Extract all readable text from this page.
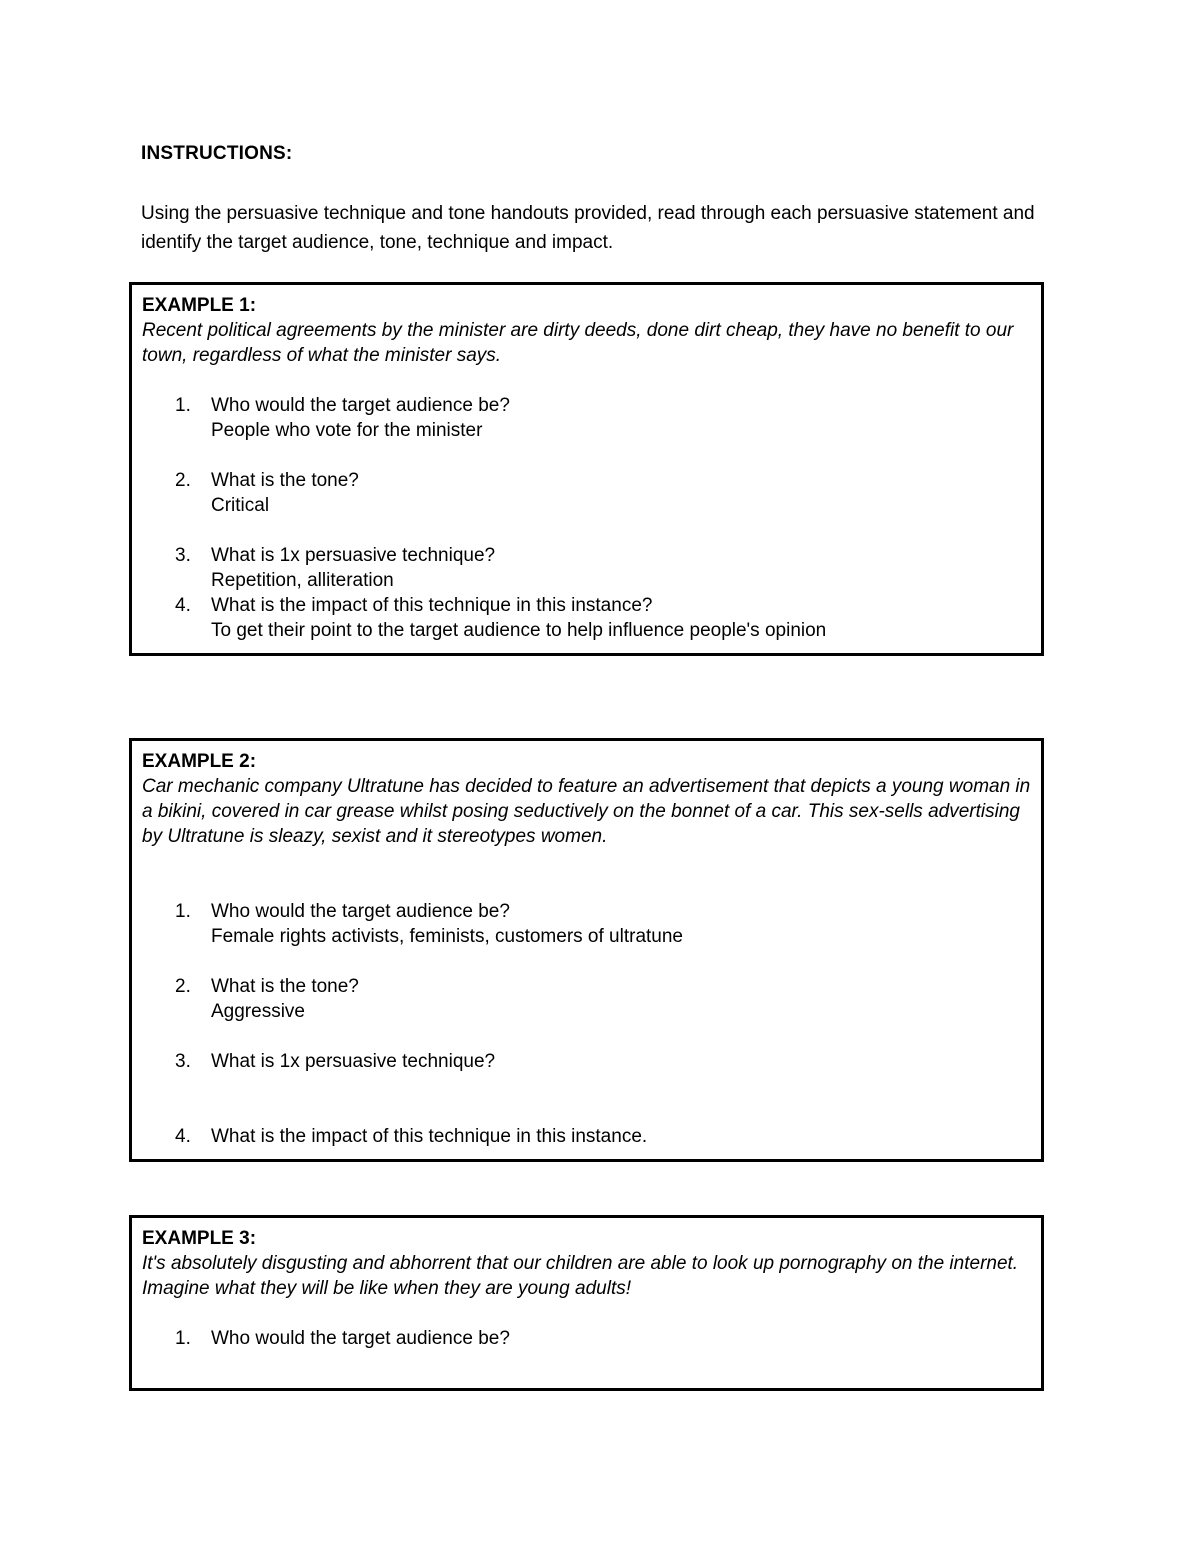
INSTRUCTIONS:
Using the persuasive technique and tone handouts provided, read through each persuasive statement and identify the target audience, tone, technique and impact.
EXAMPLE 1:
Recent political agreements by the minister are dirty deeds, done dirt cheap, they have no benefit to our town, regardless of what the minister says.
1. Who would the target audience be?
People who vote for the minister
2. What is the tone?
Critical
3. What is 1x persuasive technique?
Repetition, alliteration
4. What is the impact of this technique in this instance?
To get their point to the target audience to help influence people's opinion
EXAMPLE 2:
Car mechanic company Ultratune has decided to feature an advertisement that depicts a young woman in a bikini, covered in car grease whilst posing seductively on the bonnet of a car. This sex-sells advertising by Ultratune is sleazy, sexist and it stereotypes women.
1. Who would the target audience be?
Female rights activists, feminists, customers of ultratune
2. What is the tone?
Aggressive
3. What is 1x persuasive technique?
4. What is the impact of this technique in this instance.
EXAMPLE 3:
It's absolutely disgusting and abhorrent that our children are able to look up pornography on the internet. Imagine what they will be like when they are young adults!
1. Who would the target audience be?
